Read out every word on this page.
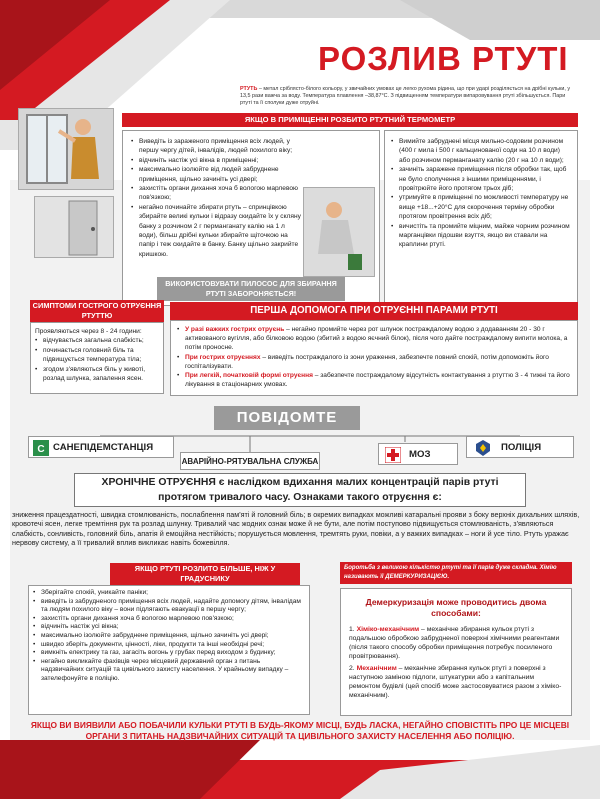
РОЗЛИВ РТУТІ
РТУТЬ – метал сріблясто-білого кольору, у звичайних умовах це легко рухома рідина, що при ударі розділяється на дрібні кульки, у 13,5 рази важча за воду. Температура плавлення –38,87°С. З підвищенням температури випаровування ртуті збільшується. Пари ртуті та її сполуки дуже отруйні.
ЯКЩО В ПРИМІЩЕННІ РОЗБИТО РТУТНИЙ ТЕРМОМЕТР
• Виведіть із зараженого приміщення всіх людей, у першу чергу дітей, інвалідів, людей похилого віку;
• відчиніть настіж усі вікна в приміщенні;
• максимально ізолюйте від людей забруднене приміщення, щільно зачиніть усі двері;
• захистіть органи дихання хоча б вологою марлевою пов'язкою;
• негайно починайте збирати ртуть – спринцівкою збирайте великі кульки і відразу скидайте їх у скляну банку з розчином 2 г перманганату калію на 1 л води), більш дрібні кульки збирайте щіточкою на папір і теж скидайте в банку. Банку щільно закрийте кришкою.
ВИКОРИСТОВУВАТИ ПИЛОСОС ДЛЯ ЗБИРАННЯ РТУТІ ЗАБОРОНЯЄТЬСЯ!
• Вимийте забруднені місця мильно-содовим розчином (400 г мила і 500 г кальцинованої соди на 10 л води) або розчином перманганату калію (20 г на 10 л води);
• зачиніть заражене приміщення після обробки так, щоб не було сполучення з іншими приміщеннями, і провітрюйте його протягом трьох діб;
• утримуйте в приміщенні по можливості температуру не вище +18...+20°С для скорочення терміну обробки протягом провітрення всіх діб;
• вичистіть та промийте міцним, майже чорним розчином марганцівки підошви взуття, якщо ви ставали на краплини ртуті.
СИМПТОМИ ГОСТРОГО ОТРУЄННЯ РТУТТЮ
Проявляються через 8 - 24 години:
• відчувається загальна слабкість;
• починається головний біль та підвищується температура тіла;
• згодом з'являються біль у животі, розлад шлунка, запалення ясен.
ПЕРША ДОПОМОГА ПРИ ОТРУЄННІ ПАРАМИ РТУТІ
• У разі важких гострих отруєнь – негайно промийте через рот шлунок постраждалому водою з додаванням 20 - 30 г активованого вугілля, або білковою водою (збитий з водою яєчний білок), після чого дайте постраждалому випити молока, а потім проносне.
• При гострих отруєннях – виведіть постраждалого із зони ураження, забезпечте повний спокій, потім допоможіть його госпіталізувати.
• При легкій, початковій формі отруєння – забезпечте постраждалому відсутність контактування з ртуттю 3 - 4 тижні та його лікування в стаціонарних умовах.
ПОВІДОМТЕ
C САНЕПІДЕМСТАНЦІЯ
АВАРІЙНО-РЯТУВАЛЬНА СЛУЖБА
МОЗ
ПОЛІЦІЯ
ХРОНІЧНЕ ОТРУЄННЯ є наслідком вдихання малих концентрацій парів ртуті протягом тривалого часу. Ознаками такого отруєння є:
зниження працездатності, швидка стомлюваність, послаблення пам'яті й головний біль; в окремих випадках можливі катаральні прояви з боку верхніх дихальних шляхів, кровотечі ясен, легке тремтіння рук та розлад шлунку. Тривалий час жодних ознак може й не бути, але потім поступово підвищується стомлюваність, з'являються слабкість, сонливість, головний біль, апатія й емоційна нестійкість; порушується мовлення, тремтять руки, повіки, а у важких випадках – ноги й усе тіло. Ртуть уражає нервову систему, а її тривалий вплив викликає навіть божевілля.
ЯКЩО РТУТІ РОЗЛИТО БІЛЬШЕ, НІЖ У ГРАДУСНИКУ
• Зберігайте спокій, уникайте паніки;
• виведіть із забрудненого приміщення всіх людей, надайте допомогу дітям, інвалідам та людям похилого віку – вони підлягають евакуації в першу чергу;
• захистіть органи дихання хоча б вологою марлевою пов'язкою;
• відчиніть настіж усі вікна;
• максимально ізолюйте забруднене приміщення, щільно зачиніть усі двері;
• швидко зберіть документи, цінності, ліки, продукти та інші необхідні речі;
• вимкніть електрику та газ, загасіть вогонь у грубах перед виходом з будинку;
• негайно викликайте фахівців через місцевий державний орган з питань надзвичайних ситуацій та цивільного захисту населення. У крайньому випадку – зателефонуйте в поліцію.
Боротьба з великою кількістю ртуті та її парів дуже складна. Хімію називають її ДЕМЕРКУРИЗАЦІЄЮ.
Демеркуризація може проводитись двома способами:
1. Хіміко-механічним – механічне збирання кульок ртуті з подальшою обробкою забрудненої поверхні хімічними реагентами (після такого способу обробки приміщення потребує посиленого провітрювання).
2. Механічним – механічне збирання кульок ртуті з поверхні з наступною заміною підлоги, штукатурки або з капітальним ремонтом будівлі (цей спосіб може застосовуватися разом з хіміко-механічним).
ЯКЩО ВИ ВИЯВИЛИ АБО ПОБАЧИЛИ КУЛЬКИ РТУТІ В БУДЬ-ЯКОМУ МІСЦІ, БУДЬ ЛАСКА, НЕГАЙНО СПОВІСТІТЬ ПРО ЦЕ МІСЦЕВІ ОРГАНИ З ПИТАНЬ НАДЗВИЧАЙНИХ СИТУАЦІЙ ТА ЦИВІЛЬНОГО ЗАХИСТУ НАСЕЛЕННЯ АБО ПОЛІЦІЮ.
